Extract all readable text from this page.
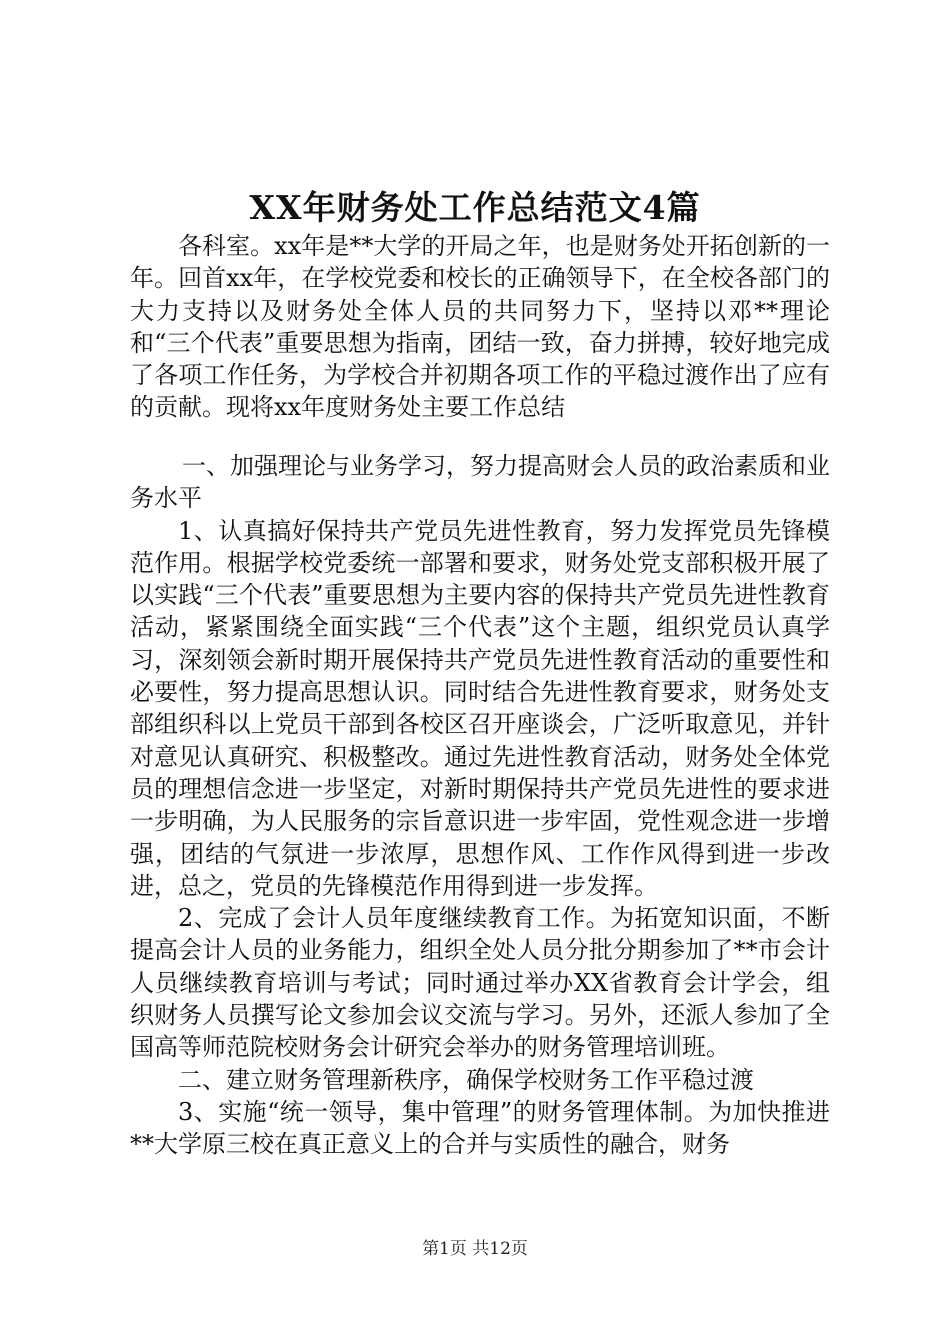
XX年财务处工作总结范文4篇

各科室。xx年是**大学的开局之年，也是财务处开拓创新的一年。回首xx年，在学校党委和校长的正确领导下，在全校各部门的大力支持以及财务处全体人员的共同努力下，坚持以邓**理论和“三个代表”重要思想为指南，团结一致，奋力拼搏，较好地完成了各项工作任务，为学校合并初期各项工作的平稳过渡作出了应有的贡献。现将xx年度财务处主要工作总结

一、加强理论与业务学习，努力提高财会人员的政治素质和业务水平

1、认真搞好保持共产党员先进性教育，努力发挥党员先锋模范作用。根据学校党委统一部署和要求，财务处党支部积极开展了以实践“三个代表”重要思想为主要内容的保持共产党员先进性教育活动，紧紧围绕全面实践“三个代表”这个主题，组织党员认真学习，深刻领会新时期开展保持共产党员先进性教育活动的重要性和必要性，努力提高思想认识。同时结合先进性教育要求，财务处支部组织科以上党员干部到各校区召开座谈会，广泛听取意见，并针对意见认真研究、积极整改。通过先进性教育活动，财务处全体党员的理想信念进一步坚定，对新时期保持共产党员先进性的要求进一步明确，为人民服务的宗旨意识进一步牢固，党性观念进一步增强，团结的气氛进一步浓厚，思想作风、工作作风得到进一步改进，总之，党员的先锋模范作用得到进一步发挥。

2、完成了会计人员年度继续教育工作。为拓宽知识面，不断提高会计人员的业务能力，组织全处人员分批分期参加了**市会计人员继续教育培训与考试；同时通过举办XX省教育会计学会，组织财务人员撰写论文参加会议交流与学习。另外，还派人参加了全国高等师范院校财务会计研究会举办的财务管理培训班。

二、建立财务管理新秩序，确保学校财务工作平稳过渡

3、实施“统一领导，集中管理”的财务管理体制。为加快推进**大学原三校在真正意义上的合并与实质性的融合，财务

第1页 共12页
